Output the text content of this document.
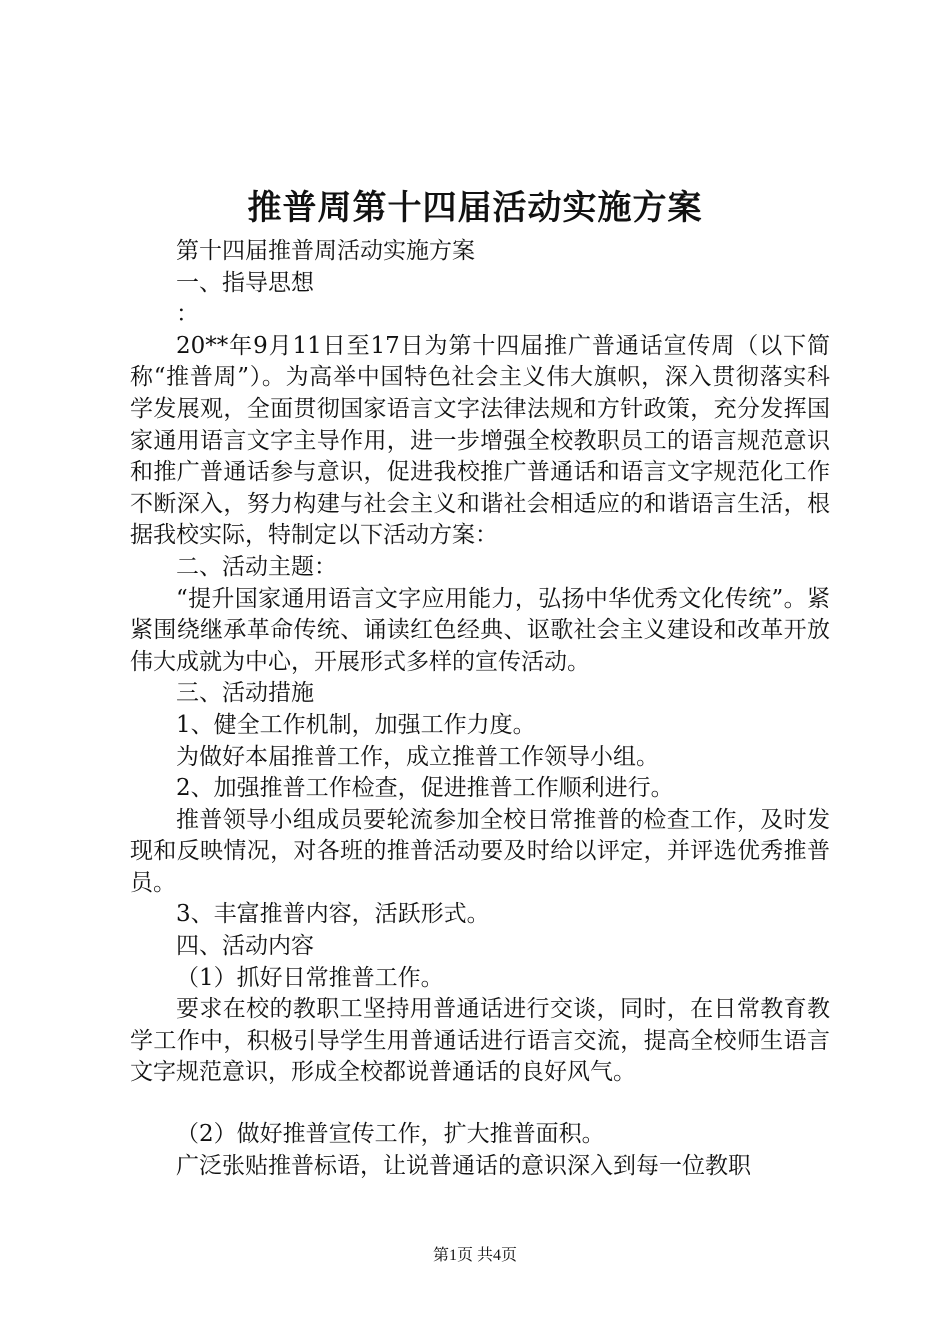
推普周第十四届活动实施方案

第十四届推普周活动实施方案

一、指导思想

：

20**年9月11日至17日为第十四届推广普通话宣传周（以下简称“推普周”）。为高举中国特色社会主义伟大旗帜，深入贯彻落实科学发展观，全面贯彻国家语言文字法律法规和方针政策，充分发挥国家通用语言文字主导作用，进一步增强全校教职员工的语言规范意识和推广普通话参与意识，促进我校推广普通话和语言文字规范化工作不断深入，努力构建与社会主义和谐社会相适应的和谐语言生活，根据我校实际，特制定以下活动方案：

二、活动主题：

“提升国家通用语言文字应用能力，弘扬中华优秀文化传统”。紧紧围绕继承革命传统、诵读红色经典、讴歌社会主义建设和改革开放伟大成就为中心，开展形式多样的宣传活动。

三、活动措施

1、健全工作机制，加强工作力度。

为做好本届推普工作，成立推普工作领导小组。

2、加强推普工作检查，促进推普工作顺利进行。

推普领导小组成员要轮流参加全校日常推普的检查工作，及时发现和反映情况，对各班的推普活动要及时给以评定，并评选优秀推普员。

3、丰富推普内容，活跃形式。

四、活动内容

（1）抓好日常推普工作。

要求在校的教职工坚持用普通话进行交谈，同时，在日常教育教学工作中，积极引导学生用普通话进行语言交流，提高全校师生语言文字规范意识，形成全校都说普通话的良好风气。

（2）做好推普宣传工作，扩大推普面积。

广泛张贴推普标语，让说普通话的意识深入到每一位教职

第1页 共4页
